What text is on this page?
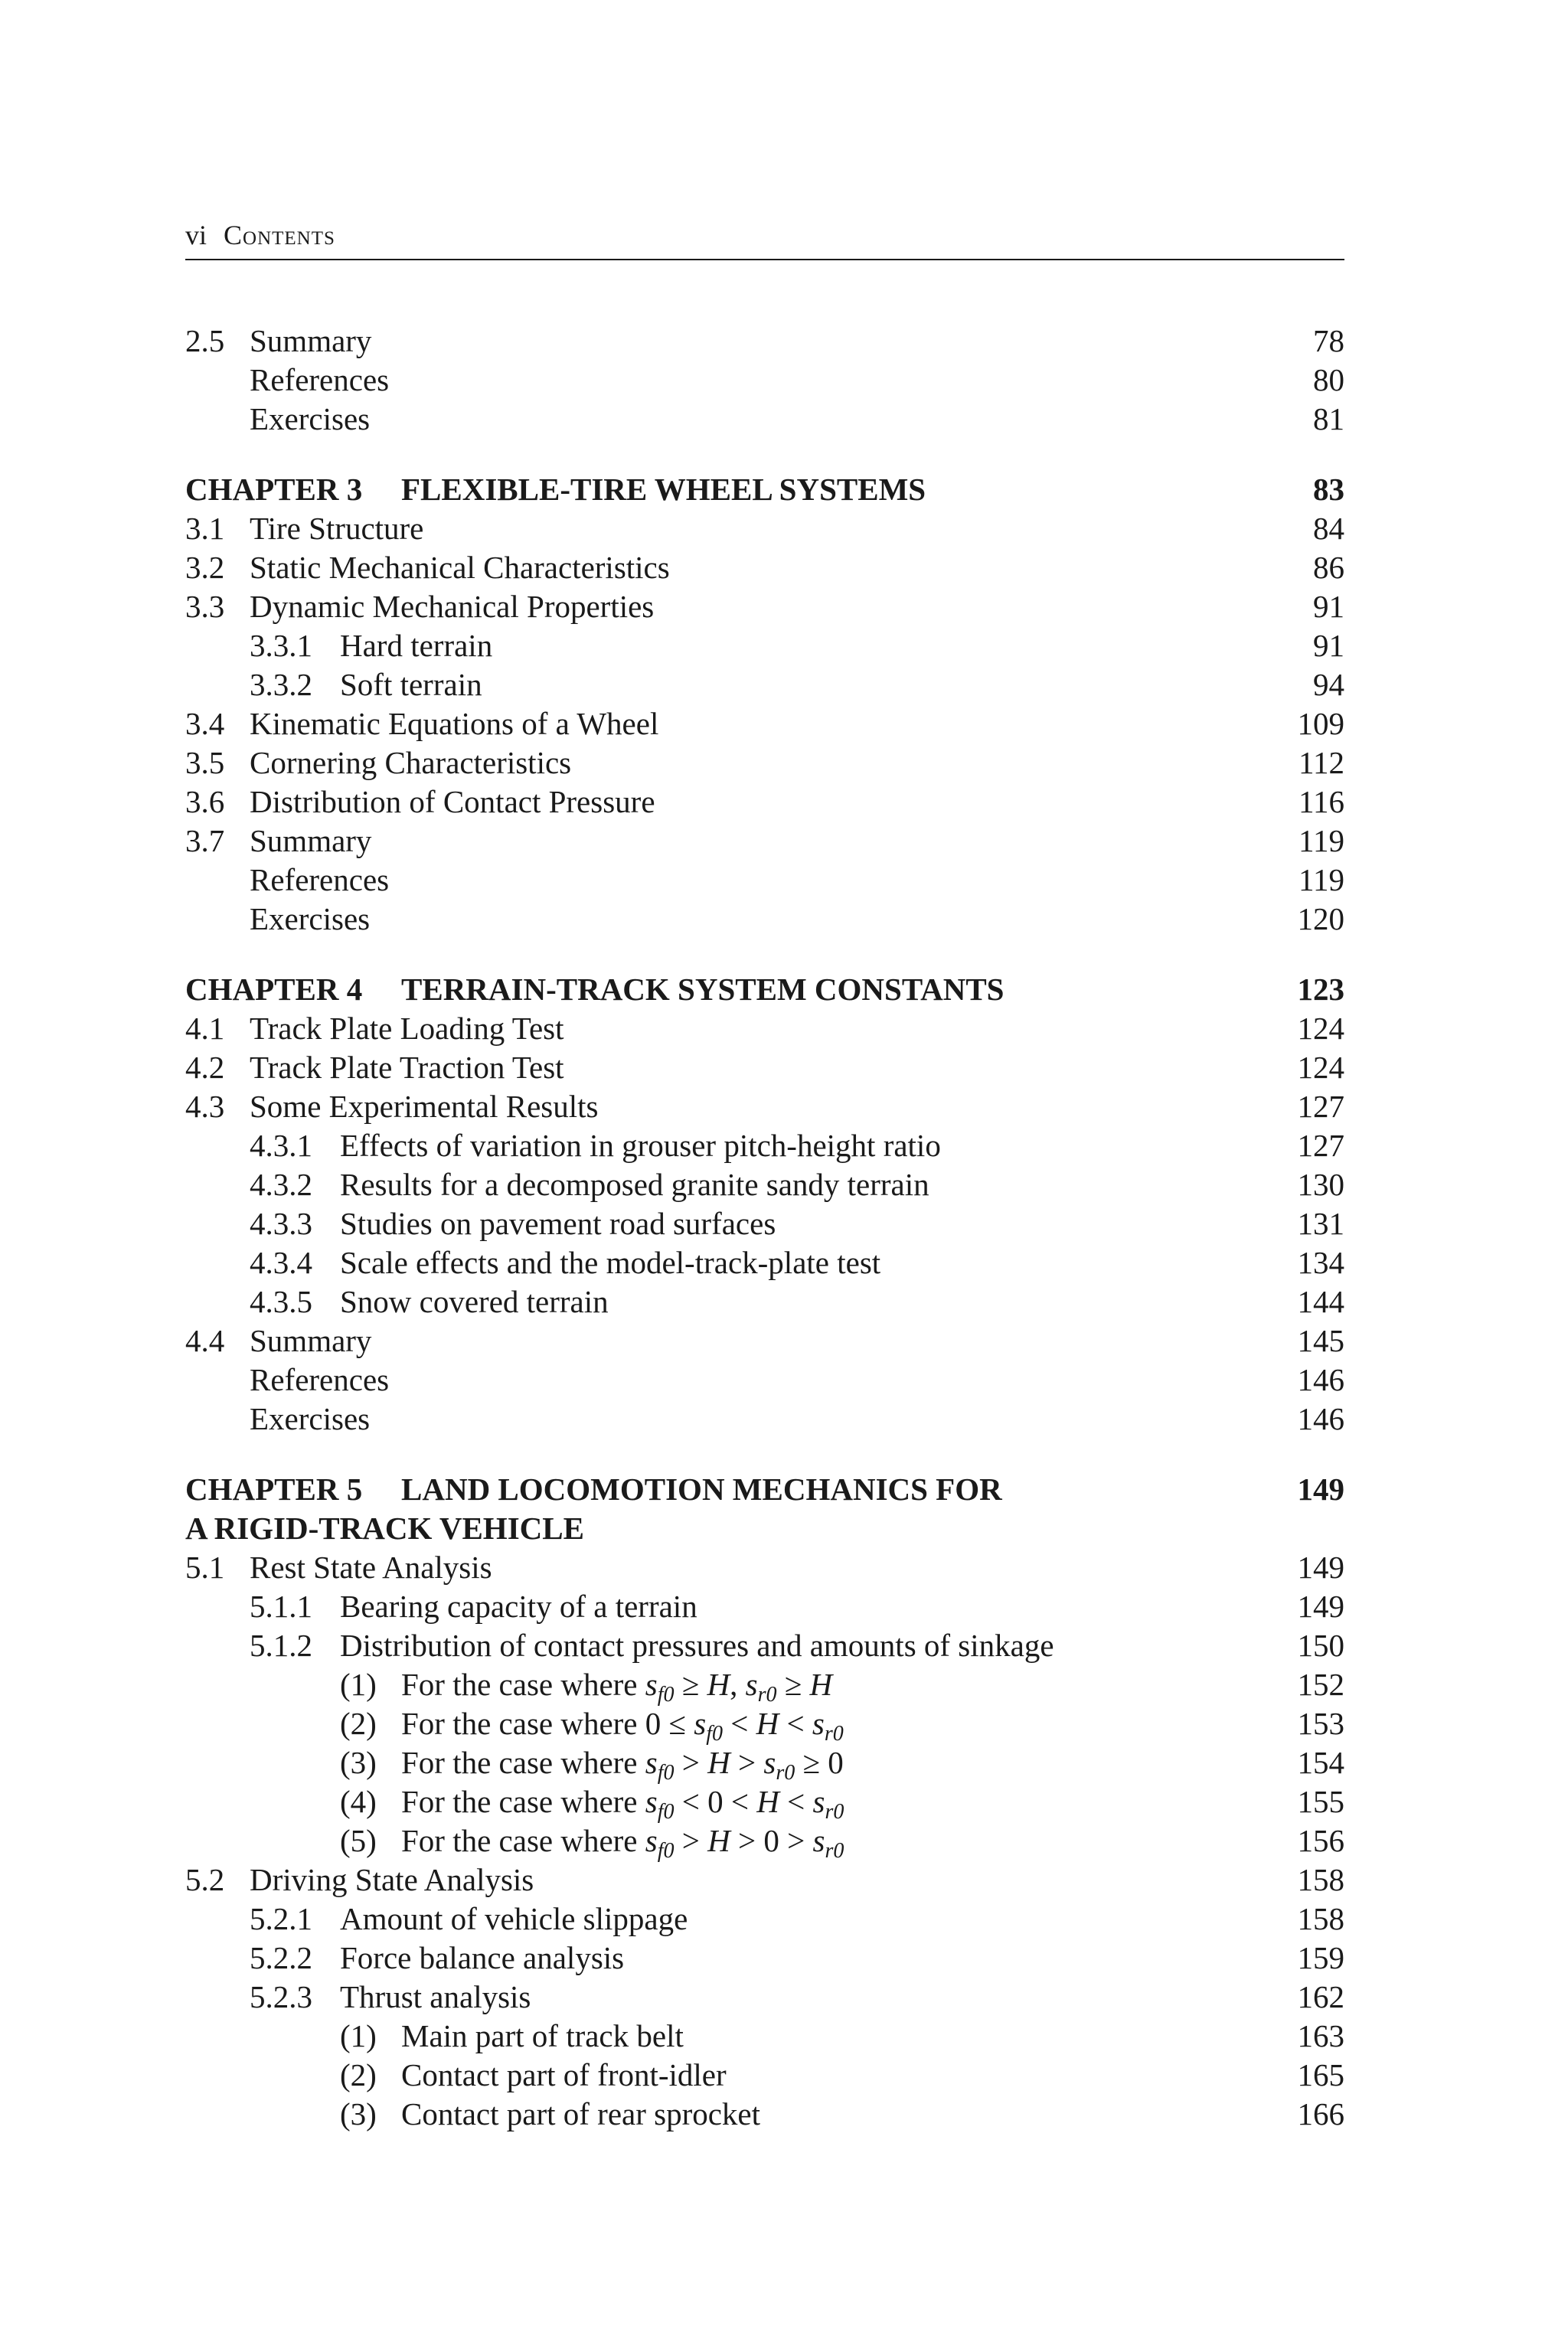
vi Contents
2.5 Summary	78
References	80
Exercises	81
CHAPTER 3 FLEXIBLE-TIRE WHEEL SYSTEMS	83
3.1 Tire Structure	84
3.2 Static Mechanical Characteristics	86
3.3 Dynamic Mechanical Properties	91
3.3.1 Hard terrain	91
3.3.2 Soft terrain	94
3.4 Kinematic Equations of a Wheel	109
3.5 Cornering Characteristics	112
3.6 Distribution of Contact Pressure	116
3.7 Summary	119
References	119
Exercises	120
CHAPTER 4 TERRAIN-TRACK SYSTEM CONSTANTS	123
4.1 Track Plate Loading Test	124
4.2 Track Plate Traction Test	124
4.3 Some Experimental Results	127
4.3.1 Effects of variation in grouser pitch-height ratio	127
4.3.2 Results for a decomposed granite sandy terrain	130
4.3.3 Studies on pavement road surfaces	131
4.3.4 Scale effects and the model-track-plate test	134
4.3.5 Snow covered terrain	144
4.4 Summary	145
References	146
Exercises	146
CHAPTER 5 LAND LOCOMOTION MECHANICS FOR	149
A RIGID-TRACK VEHICLE
5.1 Rest State Analysis	149
5.1.1 Bearing capacity of a terrain	149
5.1.2 Distribution of contact pressures and amounts of sinkage	150
(1) For the case where $s_{f0} \ge H$, $s_{r0} \ge H$	152
(2) For the case where $0 \le s_{f0} < H < s_{r0}$	153
(3) For the case where $s_{f0} > H > s_{r0} \ge 0$	154
(4) For the case where $s_{f0} < 0 < H < s_{r0}$	155
(5) For the case where $s_{f0} > H > 0 > s_{r0}$	156
5.2 Driving State Analysis	158
5.2.1 Amount of vehicle slippage	158
5.2.2 Force balance analysis	159
5.2.3 Thrust analysis	162
(1) Main part of track belt	163
(2) Contact part of front-idler	165
(3) Contact part of rear sprocket	166
